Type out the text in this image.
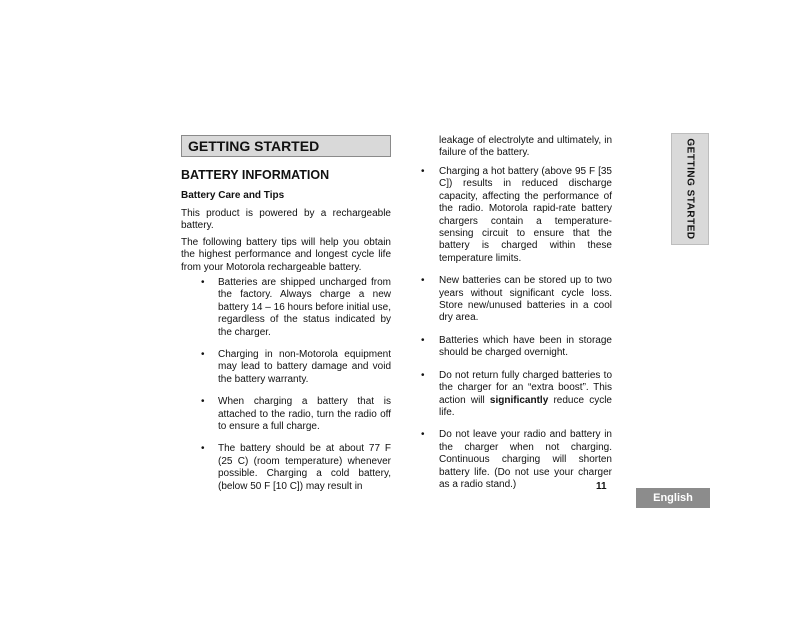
GETTING STARTED
BATTERY INFORMATION
Battery Care and Tips

This product is powered by a rechargeable battery.

The following battery tips will help you obtain the highest performance and longest cycle life from your Motorola rechargeable battery.

• Batteries are shipped uncharged from the factory. Always charge a new battery 14 – 16 hours before initial use, regardless of the status indicated by the charger.
• Charging in non-Motorola equipment may lead to battery damage and void the battery warranty.
• When charging a battery that is attached to the radio, turn the radio off to ensure a full charge.
• The battery should be at about 77 F (25 C) (room temperature) whenever possible. Charging a cold battery, (below 50 F [10 C]) may result in

leakage of electrolyte and ultimately, in failure of the battery.

• Charging a hot battery (above 95 F [35 C]) results in reduced discharge capacity, affecting the performance of the radio. Motorola rapid-rate battery chargers contain a temperature-sensing circuit to ensure that the battery is charged within these temperature limits.
• New batteries can be stored up to two years without significant cycle loss. Store new/unused batteries in a cool dry area.
• Batteries which have been in storage should be charged overnight.
• Do not return fully charged batteries to the charger for an “extra boost”. This action will significantly reduce cycle life.
• Do not leave your radio and battery in the charger when not charging. Continuous charging will shorten battery life. (Do not use your charger as a radio stand.)	11
GETTING STARTED
English
